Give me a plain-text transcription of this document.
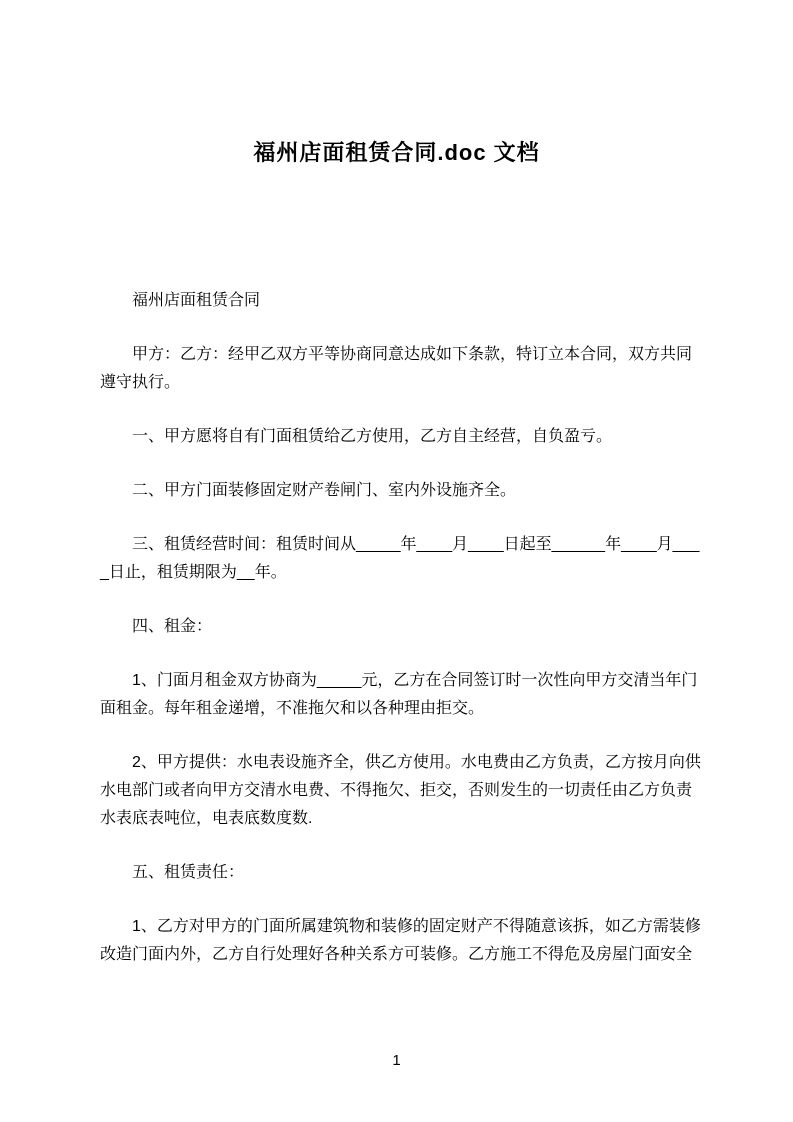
福州店面租赁合同.doc 文档

福州店面租赁合同

甲方：乙方：经甲乙双方平等协商同意达成如下条款，特订立本合同，双方共同遵守执行。

一、甲方愿将自有门面租赁给乙方使用，乙方自主经营，自负盈亏。

二、甲方门面装修固定财产卷闸门、室内外设施齐全。

三、租赁经营时间：租赁时间从_____年____月____日起至______年____月____日止，租赁期限为__年。

四、租金：

1、门面月租金双方协商为_____元，乙方在合同签订时一次性向甲方交清当年门面租金。每年租金递增，不准拖欠和以各种理由拒交。

2、甲方提供：水电表设施齐全，供乙方使用。水电费由乙方负责，乙方按月向供水电部门或者向甲方交清水电费、不得拖欠、拒交，否则发生的一切责任由乙方负责水表底表吨位，电表底数度数.

五、租赁责任：

1、乙方对甲方的门面所属建筑物和装修的固定财产不得随意该拆，如乙方需装修改造门面内外，乙方自行处理好各种关系方可装修。乙方施工不得危及房屋门面安全

1
